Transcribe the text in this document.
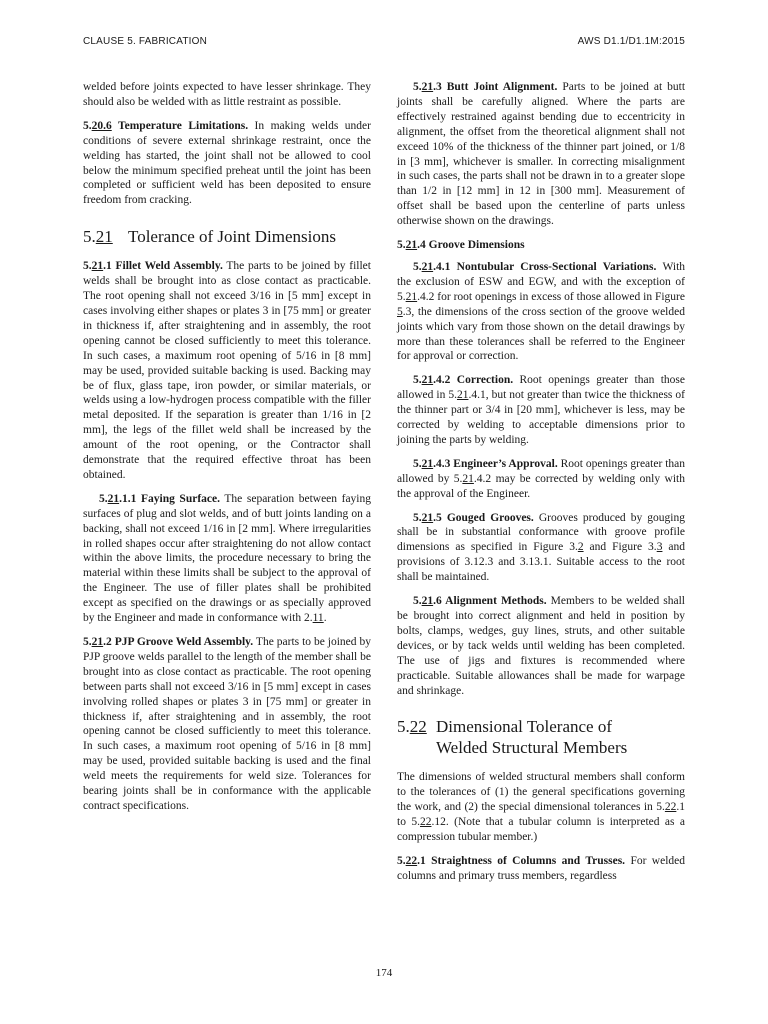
CLAUSE 5. FABRICATION	AWS D1.1/D1.1M:2015

welded before joints expected to have lesser shrinkage. They should also be welded with as little restraint as possible.

5.20.6 Temperature Limitations. In making welds under conditions of severe external shrinkage restraint, once the welding has started, the joint shall not be allowed to cool below the minimum specified preheat until the joint has been completed or sufficient weld has been deposited to ensure freedom from cracking.

5.21 Tolerance of Joint Dimensions

5.21.1 Fillet Weld Assembly. The parts to be joined by fillet welds shall be brought into as close contact as practicable. The root opening shall not exceed 3/16 in [5 mm] except in cases involving either shapes or plates 3 in [75 mm] or greater in thickness if, after straightening and in assembly, the root opening cannot be closed sufficiently to meet this tolerance. In such cases, a maximum root opening of 5/16 in [8 mm] may be used, provided suitable backing is used. Backing may be of flux, glass tape, iron powder, or similar materials, or welds using a low-hydrogen process compatible with the filler metal deposited. If the separation is greater than 1/16 in [2 mm], the legs of the fillet weld shall be increased by the amount of the root opening, or the Contractor shall demonstrate that the required effective throat has been obtained.

5.21.1.1 Faying Surface. The separation between faying surfaces of plug and slot welds, and of butt joints landing on a backing, shall not exceed 1/16 in [2 mm]. Where irregularities in rolled shapes occur after straightening do not allow contact within the above limits, the procedure necessary to bring the material within these limits shall be subject to the approval of the Engineer. The use of filler plates shall be prohibited except as specified on the drawings or as specially approved by the Engineer and made in conformance with 2.11.

5.21.2 PJP Groove Weld Assembly. The parts to be joined by PJP groove welds parallel to the length of the member shall be brought into as close contact as practicable. The root opening between parts shall not exceed 3/16 in [5 mm] except in cases involving rolled shapes or plates 3 in [75 mm] or greater in thickness if, after straightening and in assembly, the root opening cannot be closed sufficiently to meet this tolerance. In such cases, a maximum root opening of 5/16 in [8 mm] may be used, provided suitable backing is used and the final weld meets the requirements for weld size. Tolerances for bearing joints shall be in conformance with the applicable contract specifications.

5.21.3 Butt Joint Alignment. Parts to be joined at butt joints shall be carefully aligned. Where the parts are effectively restrained against bending due to eccentricity in alignment, the offset from the theoretical alignment shall not exceed 10% of the thickness of the thinner part joined, or 1/8 in [3 mm], whichever is smaller. In correcting misalignment in such cases, the parts shall not be drawn in to a greater slope than 1/2 in [12 mm] in 12 in [300 mm]. Measurement of offset shall be based upon the centerline of parts unless otherwise shown on the drawings.

5.21.4 Groove Dimensions

5.21.4.1 Nontubular Cross-Sectional Variations. With the exclusion of ESW and EGW, and with the exception of 5.21.4.2 for root openings in excess of those allowed in Figure 5.3, the dimensions of the cross section of the groove welded joints which vary from those shown on the detail drawings by more than these tolerances shall be referred to the Engineer for approval or correction.

5.21.4.2 Correction. Root openings greater than those allowed in 5.21.4.1, but not greater than twice the thickness of the thinner part or 3/4 in [20 mm], whichever is less, may be corrected by welding to acceptable dimensions prior to joining the parts by welding.

5.21.4.3 Engineer’s Approval. Root openings greater than allowed by 5.21.4.2 may be corrected by welding only with the approval of the Engineer.

5.21.5 Gouged Grooves. Grooves produced by gouging shall be in substantial conformance with groove profile dimensions as specified in Figure 3.2 and Figure 3.3 and provisions of 3.12.3 and 3.13.1. Suitable access to the root shall be maintained.

5.21.6 Alignment Methods. Members to be welded shall be brought into correct alignment and held in position by bolts, clamps, wedges, guy lines, struts, and other suitable devices, or by tack welds until welding has been completed. The use of jigs and fixtures is recommended where practicable. Suitable allowances shall be made for warpage and shrinkage.

5.22 Dimensional Tolerance of
Welded Structural Members

The dimensions of welded structural members shall conform to the tolerances of (1) the general specifications governing the work, and (2) the special dimensional tolerances in 5.22.1 to 5.22.12. (Note that a tubular column is interpreted as a compression tubular member.)

5.22.1 Straightness of Columns and Trusses. For welded columns and primary truss members, regardless

174
